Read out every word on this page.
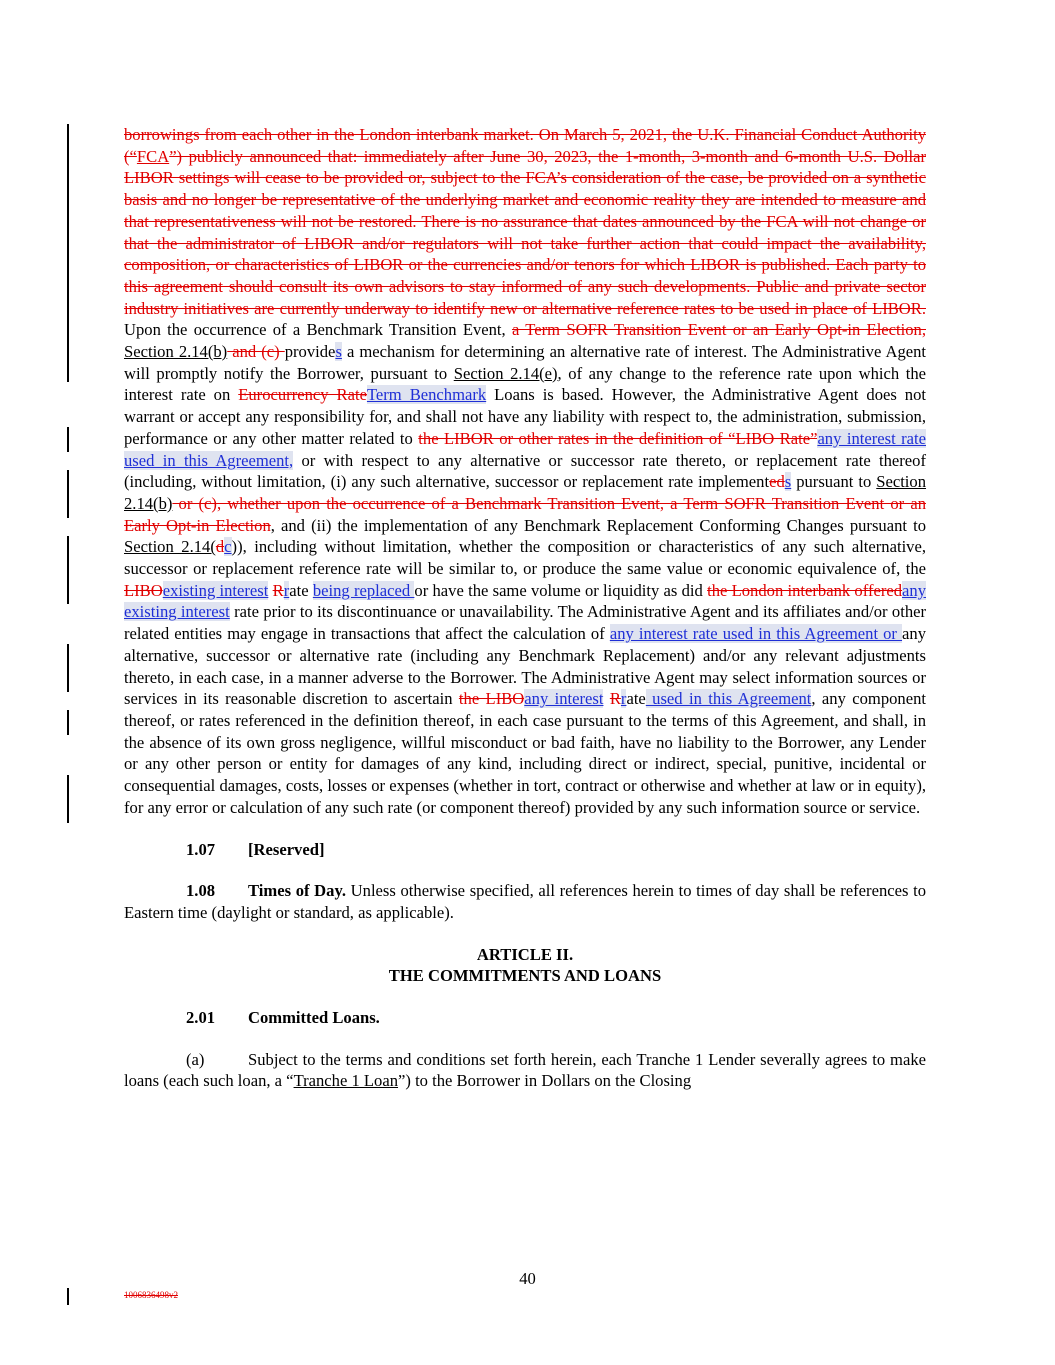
borrowings from each other in the London interbank market. On March 5, 2021, the U.K. Financial Conduct Authority (“FCA”) publicly announced that: immediately after June 30, 2023, the 1-month, 3-month and 6-month U.S. Dollar LIBOR settings will cease to be provided or, subject to the FCA’s consideration of the case, be provided on a synthetic basis and no longer be representative of the underlying market and economic reality they are intended to measure and that representativeness will not be restored. There is no assurance that dates announced by the FCA will not change or that the administrator of LIBOR and/or regulators will not take further action that could impact the availability, composition, or characteristics of LIBOR or the currencies and/or tenors for which LIBOR is published. Each party to this agreement should consult its own advisors to stay informed of any such developments. Public and private sector industry initiatives are currently underway to identify new or alternative reference rates to be used in place of LIBOR. Upon the occurrence of a Benchmark Transition Event, a Term SOFR Transition Event or an Early Opt-in Election, Section 2.14(b) and (c) provides a mechanism for determining an alternative rate of interest. The Administrative Agent will promptly notify the Borrower, pursuant to Section 2.14(e), of any change to the reference rate upon which the interest rate on Eurocurrency RateTerm Benchmark Loans is based. However, the Administrative Agent does not warrant or accept any responsibility for, and shall not have any liability with respect to, the administration, submission, performance or any other matter related to the LIBOR or other rates in the definition of “LIBO Rate”any interest rate used in this Agreement, or with respect to any alternative or successor rate thereto, or replacement rate thereof (including, without limitation, (i) any such alternative, successor or replacement rate implementeds pursuant to Section 2.14(b) or (c), whether upon the occurrence of a Benchmark Transition Event, a Term SOFR Transition Event or an Early Opt-in Election, and (ii) the implementation of any Benchmark Replacement Conforming Changes pursuant to Section 2.14(dc)), including without limitation, whether the composition or characteristics of any such alternative, successor or replacement reference rate will be similar to, or produce the same value or economic equivalence of, the LIBOexisting interest Rrate being replaced or have the same volume or liquidity as did the London interbank offeredany existing interest rate prior to its discontinuance or unavailability. The Administrative Agent and its affiliates and/or other related entities may engage in transactions that affect the calculation of any interest rate used in this Agreement or any alternative, successor or alternative rate (including any Benchmark Replacement) and/or any relevant adjustments thereto, in each case, in a manner adverse to the Borrower. The Administrative Agent may select information sources or services in its reasonable discretion to ascertain the LIBOany interest Rrate used in this Agreement, any component thereof, or rates referenced in the definition thereof, in each case pursuant to the terms of this Agreement, and shall, in the absence of its own gross negligence, willful misconduct or bad faith, have no liability to the Borrower, any Lender or any other person or entity for damages of any kind, including direct or indirect, special, punitive, incidental or consequential damages, costs, losses or expenses (whether in tort, contract or otherwise and whether at law or in equity), for any error or calculation of any such rate (or component thereof) provided by any such information source or service.

1.07 [Reserved]

1.08 Times of Day. Unless otherwise specified, all references herein to times of day shall be references to Eastern time (daylight or standard, as applicable).

ARTICLE II.
THE COMMITMENTS AND LOANS

2.01 Committed Loans.

(a)	Subject to the terms and conditions set forth herein, each Tranche 1 Lender severally agrees to make loans (each such loan, a “Tranche 1 Loan”) to the Borrower in Dollars on the Closing

40
1006836498v2
